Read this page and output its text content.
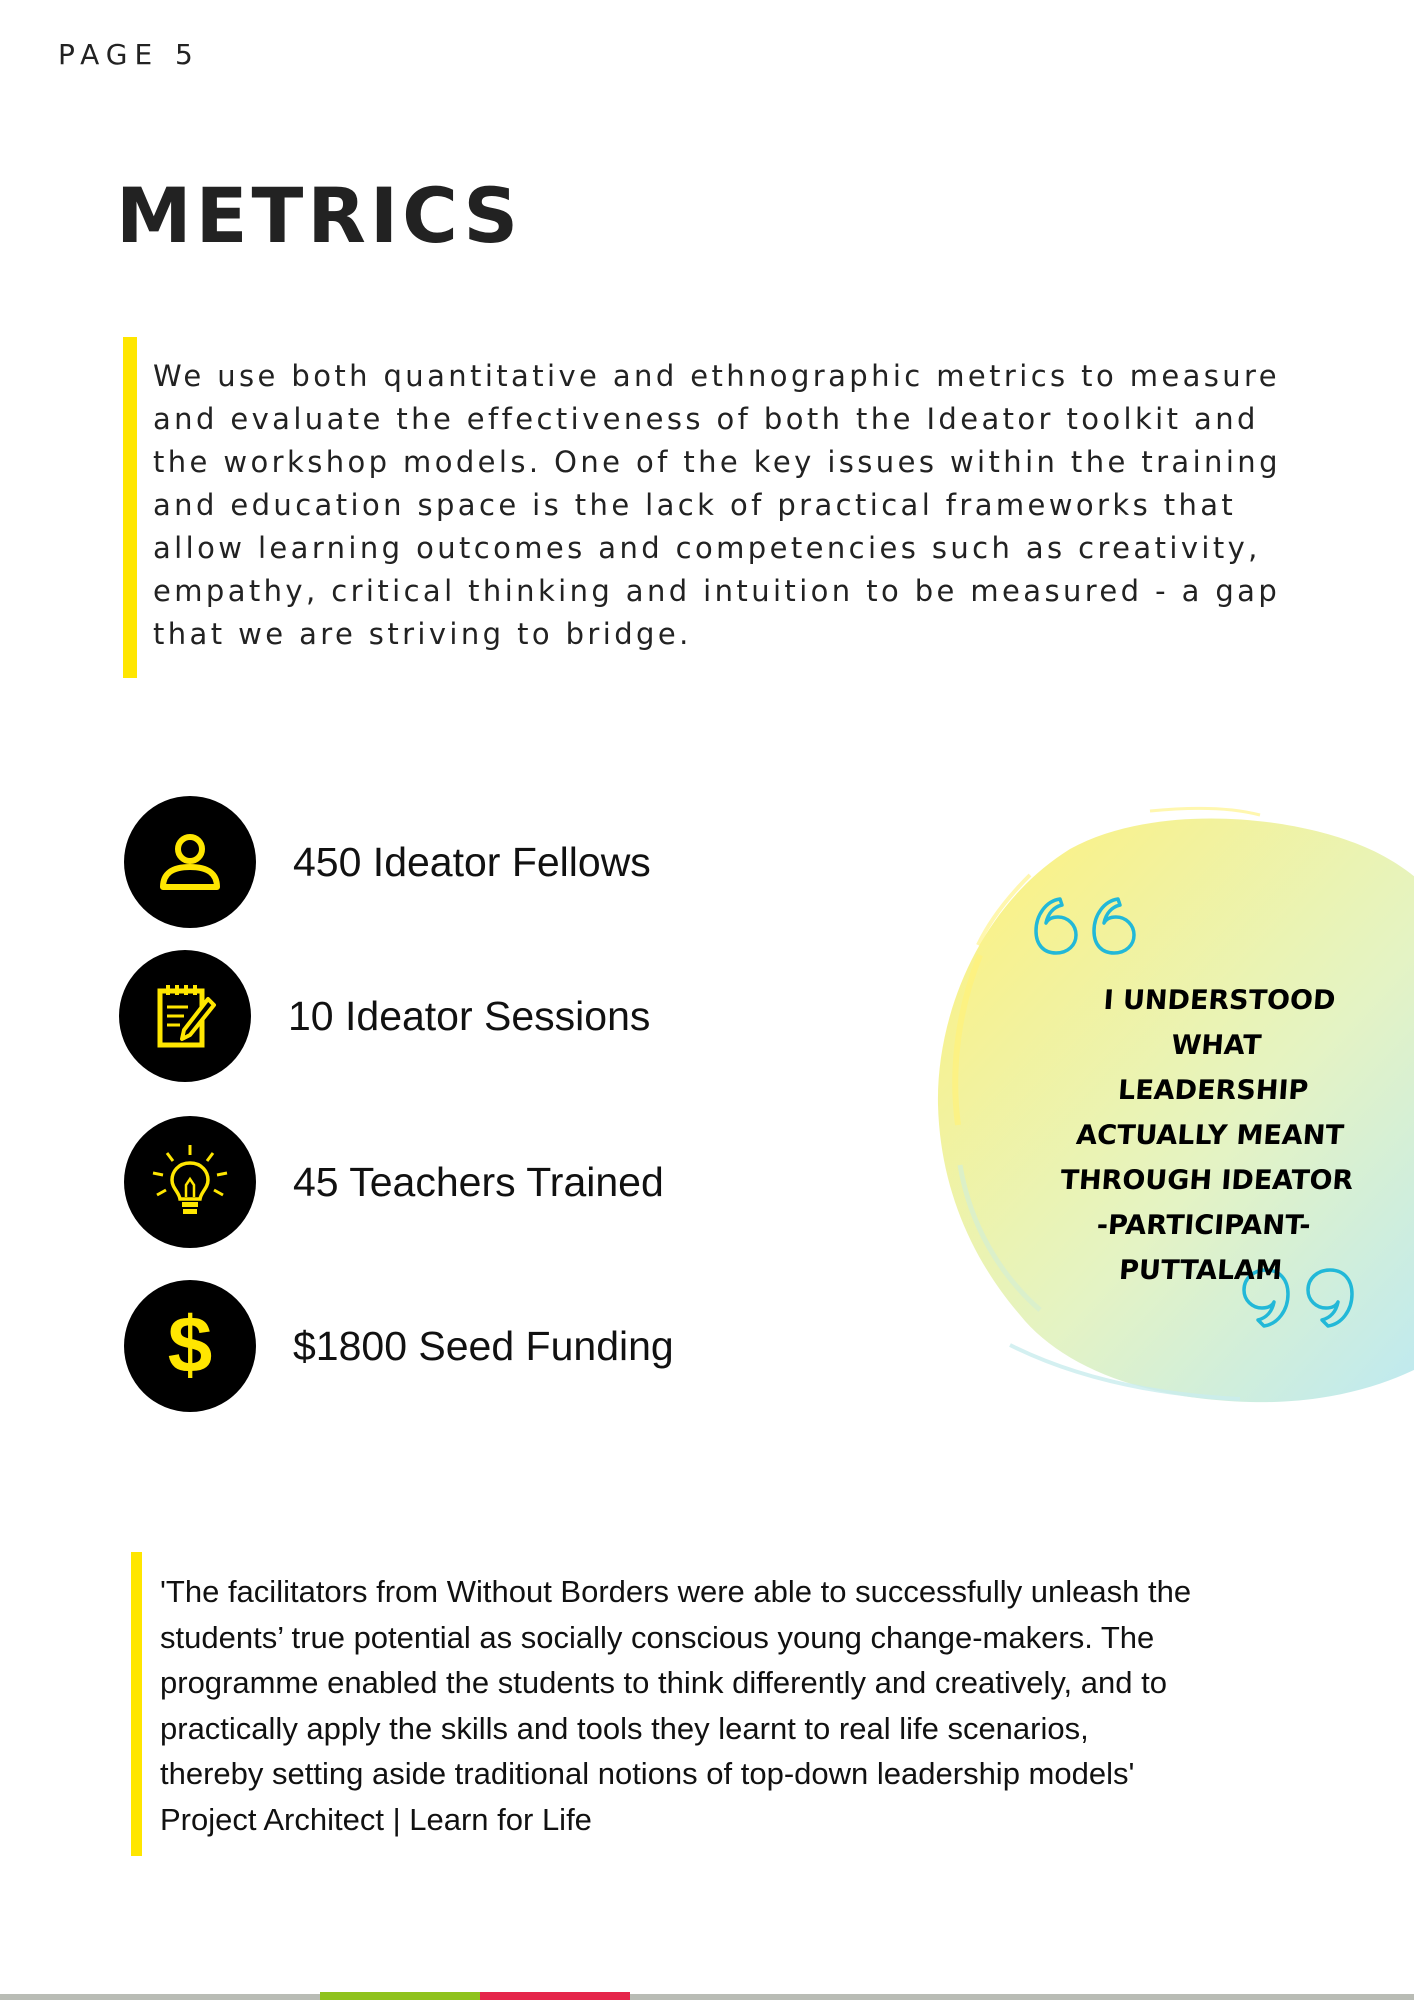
PAGE 5
METRICS

We use both quantitative and ethnographic metrics to measure
and evaluate the effectiveness of both the Ideator toolkit and
the workshop models. One of the key issues within the training
and education space is the lack of practical frameworks that
allow learning outcomes and competencies such as creativity,
empathy, critical thinking and intuition to be measured - a gap
that we are striving to bridge.

450 Ideator Fellows
10 Ideator Sessions
45 Teachers Trained
$ $1800 Seed Funding
I UNDERSTOOD WHAT
LEADERSHIP
ACTUALLY MEANT
THROUGH IDEATOR
-PARTICIPANT-
PUTTALAM

'The facilitators from Without Borders were able to successfully unleash the
students’ true potential as socially conscious young change-makers. The
programme enabled the students to think differently and creatively, and to
practically apply the skills and tools they learnt to real life scenarios,
thereby setting aside traditional notions of top-down leadership models'
Project Architect | Learn for Life
